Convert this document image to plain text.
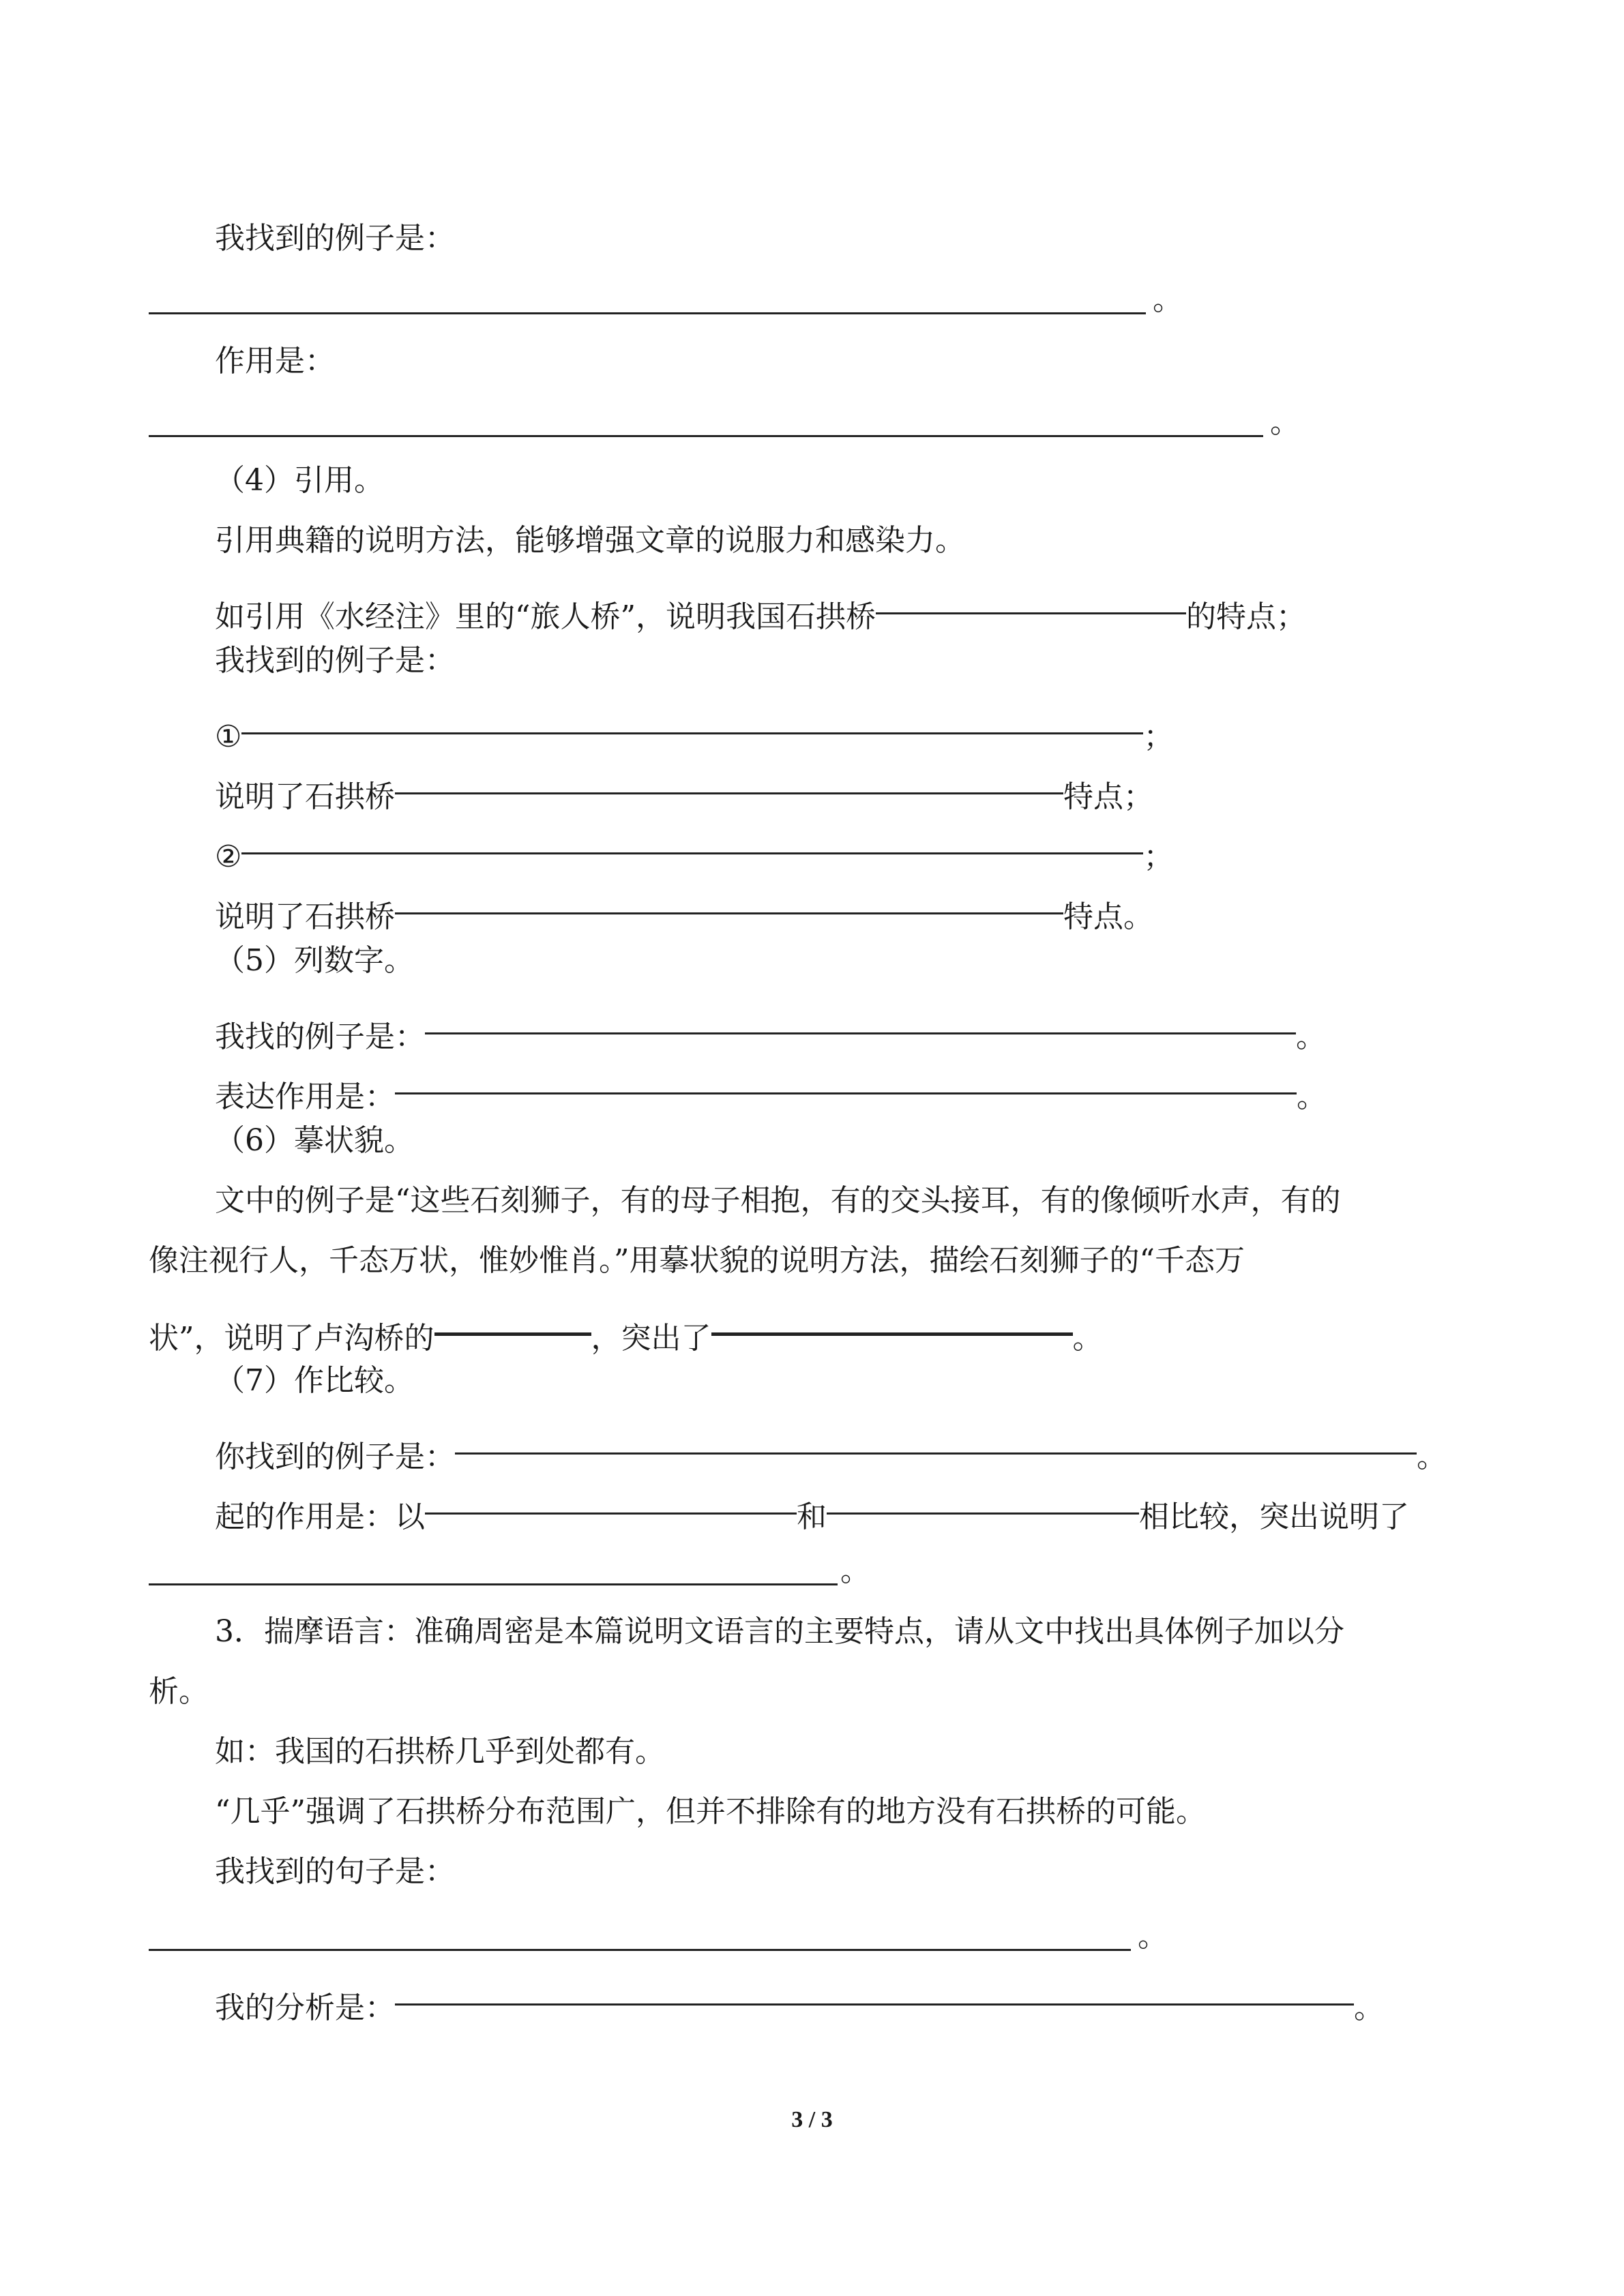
我找到的例子是：
。
作用是：
。
（4）引用。
引用典籍的说明方法，能够增强文章的说服力和感染力。
如引用《水经注》里的“旅人桥”，说明我国石拱桥	的特点；
我找到的例子是：
①	；
说明了石拱桥	特点；
②	；
说明了石拱桥	特点。
（5）列数字。
我找的例子是：	。
表达作用是：	。
（6）摹状貌。
文中的例子是“这些石刻狮子，有的母子相抱，有的交头接耳，有的像倾听水声，有的
像注视行人，千态万状，惟妙惟肖。”用摹状貌的说明方法，描绘石刻狮子的“千态万
状”，说明了卢沟桥的	，突出了	。
（7）作比较。
你找到的例子是：	。
起的作用是：以	和	相比较，突出说明了
。
3．揣摩语言：准确周密是本篇说明文语言的主要特点，请从文中找出具体例子加以分
析。
如：我国的石拱桥几乎到处都有。
“几乎”强调了石拱桥分布范围广，但并不排除有的地方没有石拱桥的可能。
我找到的句子是：
。
我的分析是：	。
3 / 3
